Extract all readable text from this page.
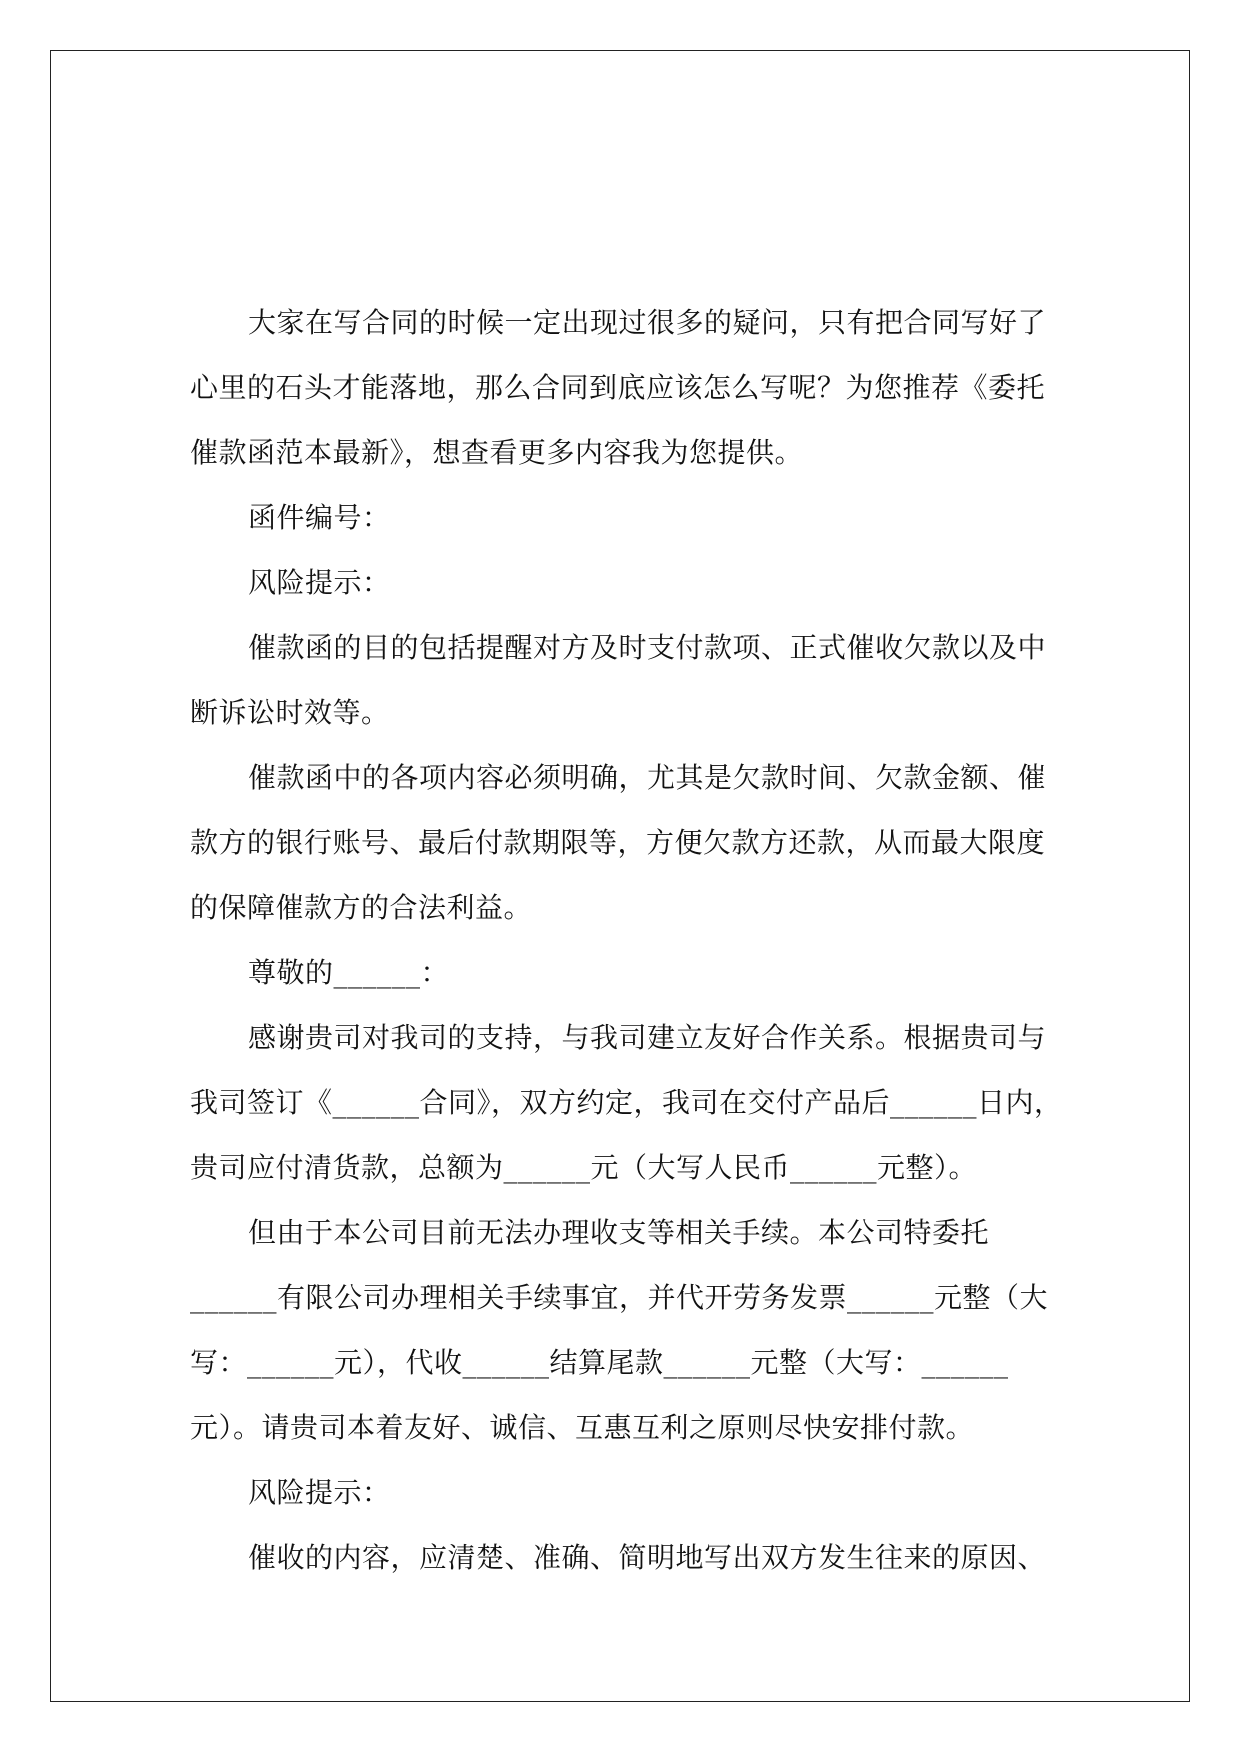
大家在写合同的时候一定出现过很多的疑问，只有把合同写好了
心里的石头才能落地，那么合同到底应该怎么写呢？为您推荐《委托
催款函范本最新》，想查看更多内容我为您提供。

函件编号：

风险提示：

催款函的目的包括提醒对方及时支付款项、正式催收欠款以及中
断诉讼时效等。

催款函中的各项内容必须明确，尤其是欠款时间、欠款金额、催
款方的银行账号、最后付款期限等，方便欠款方还款，从而最大限度
的保障催款方的合法利益。

尊敬的______：

感谢贵司对我司的支持，与我司建立友好合作关系。根据贵司与
我司签订《______合同》，双方约定，我司在交付产品后______日内，
贵司应付清货款，总额为______元（大写人民币______元整）。

但由于本公司目前无法办理收支等相关手续。本公司特委托
______有限公司办理相关手续事宜，并代开劳务发票______元整（大
写：______元），代收______结算尾款______元整（大写：______
元）。请贵司本着友好、诚信、互惠互利之原则尽快安排付款。

风险提示：

催收的内容，应清楚、准确、简明地写出双方发生往来的原因、
